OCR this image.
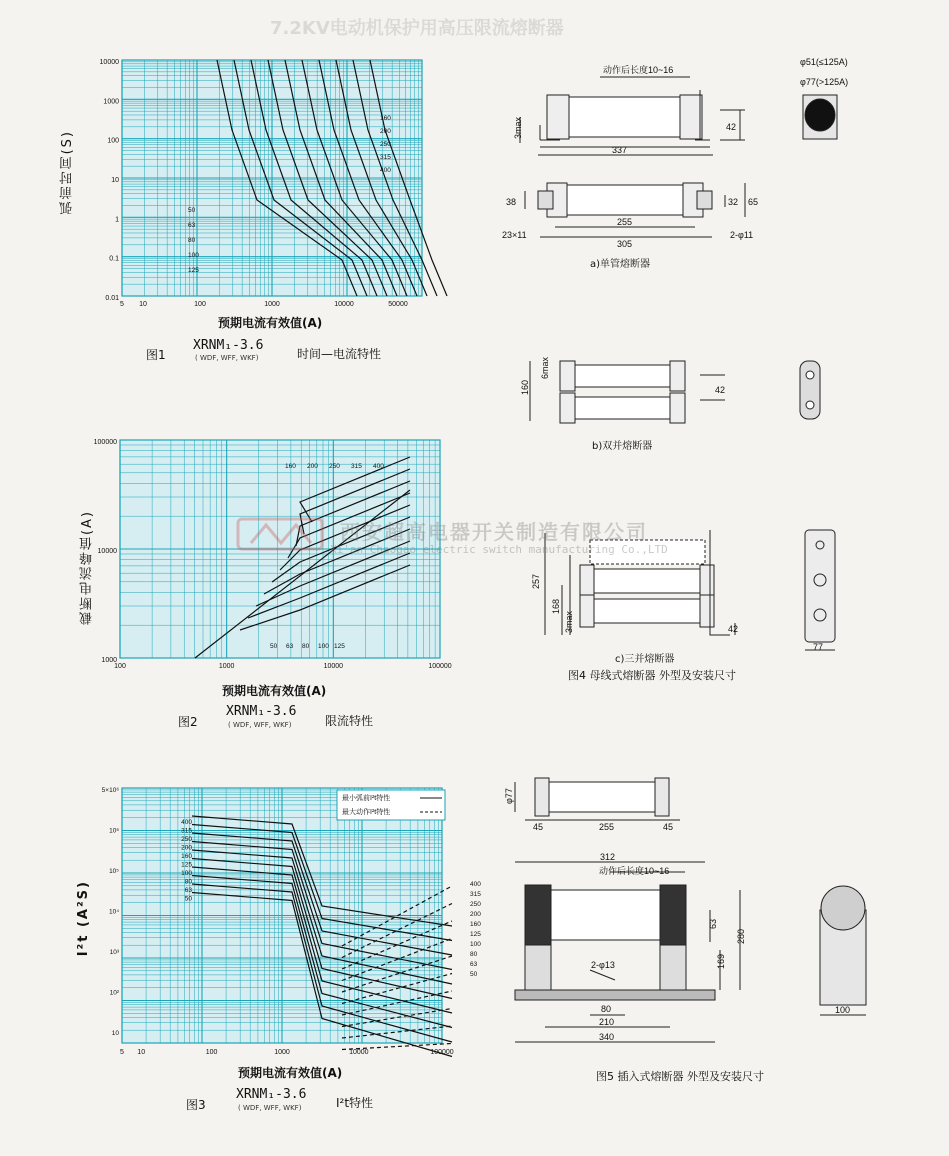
7.2KV电动机保护用高压限流熔断器
10000
1000
100
10
1
0.1
0.01
5 10	100	1000	10000	50000
160
200
250
315
400
50
63
80
100
125
弧前时间(S)
预期电流有效值(A)
图1
XRNM₁-3.6
( WDF, WFF, WKF)	时间—电流特性
100000
10000
1000
100	1000	10000	100000
160 200 250 315 400
50 63 80 100 125
截断电流峰值(A)
预期电流有效值(A)
图2
XRNM₁-3.6
( WDF, WFF, WKF)	限流特性
5×10⁶
10⁶
10⁵
10⁴
10³
10²
10
5 10	100	1000	10000	100000
400
315
250
200
160
125
100
80
63
50
400
315
250
200
160
125
100
80
63
50
最小弧前I²t特性
最大动作I²t特性
I²t (A²S)
预期电流有效值(A)
图3
XRNM₁-3.6
( WDF, WFF, WKF)	I²t特性
动作后长度10~16
φ51(≤125A)
φ77(>125A)
3max	42
337
38	32 65
23×11
255
305
2-φ11
a)单管熔断器
160
6max
42
b)双并熔断器
257
168
3max	42
77
c)三并熔断器
图4 母线式熔断器 外型及安装尺寸
φ77
45	255	45
312
动作后长度10~16
63
169
280
2-φ13
80
210
340
100
图5 插入式熔断器 外型及安装尺寸
西安超高电器开关制造有限公司
Xi'an Chaogao electric switch manufacturing Co.,LTD
